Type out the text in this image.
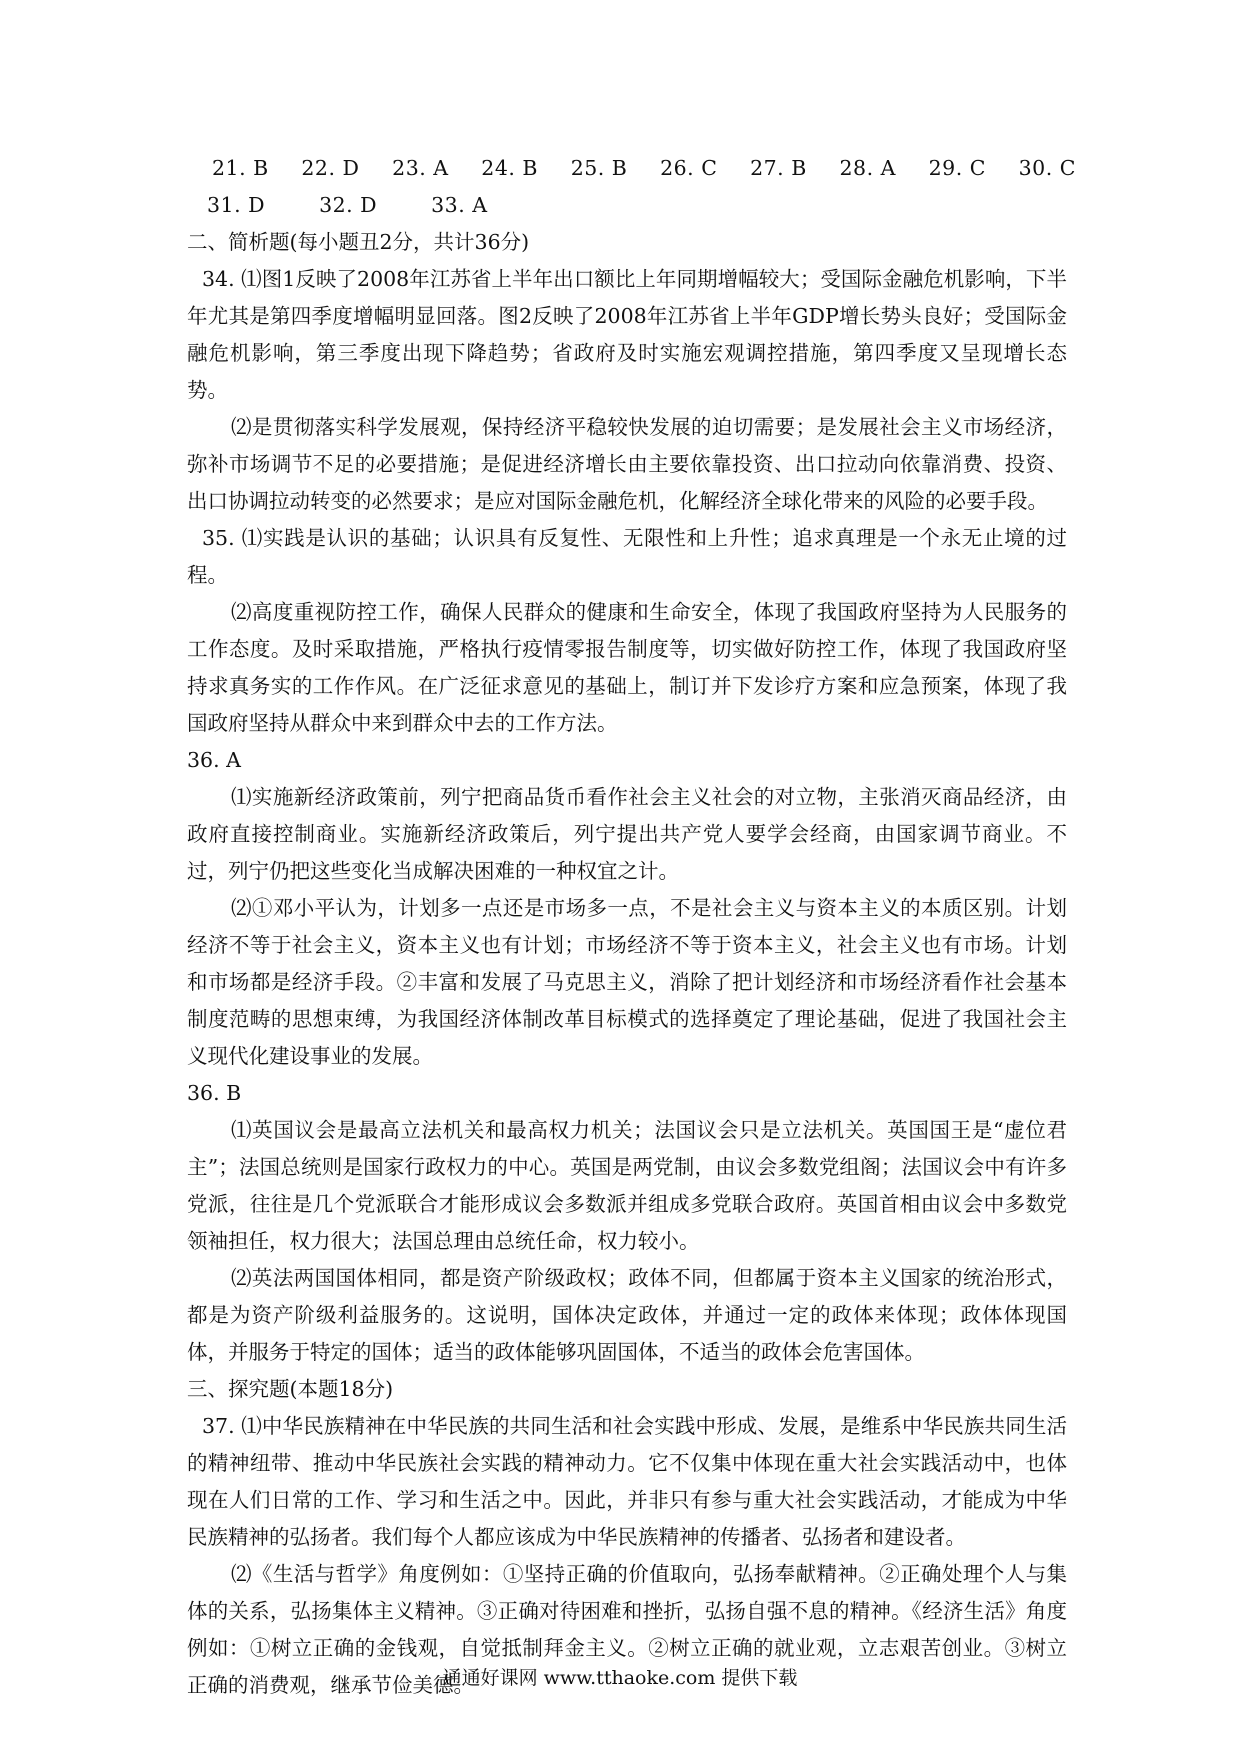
21. B 22. D 23. A 24. B 25. B 26. C 27. B 28. A 29. C 30. C
31. D	32. D	33. A

二、简析题(每小题丑2分，共计36分)

34. ⑴图1反映了2008年江苏省上半年出口额比上年同期增幅较大；受国际金融危机影响，下半年尤其是第四季度增幅明显回落。图2反映了2008年江苏省上半年GDP增长势头良好；受国际金融危机影响，第三季度出现下降趋势；省政府及时实施宏观调控措施，第四季度又呈现增长态势。

⑵是贯彻落实科学发展观，保持经济平稳较快发展的迫切需要；是发展社会主义市场经济，弥补市场调节不足的必要措施；是促进经济增长由主要依靠投资、出口拉动向依靠消费、投资、出口协调拉动转变的必然要求；是应对国际金融危机，化解经济全球化带来的风险的必要手段。

35. ⑴实践是认识的基础；认识具有反复性、无限性和上升性；追求真理是一个永无止境的过程。

⑵高度重视防控工作，确保人民群众的健康和生命安全，体现了我国政府坚持为人民服务的工作态度。及时采取措施，严格执行疫情零报告制度等，切实做好防控工作，体现了我国政府坚持求真务实的工作作风。在广泛征求意见的基础上，制订并下发诊疗方案和应急预案，体现了我国政府坚持从群众中来到群众中去的工作方法。

36. A

⑴实施新经济政策前，列宁把商品货币看作社会主义社会的对立物，主张消灭商品经济，由政府直接控制商业。实施新经济政策后，列宁提出共产党人要学会经商，由国家调节商业。不过，列宁仍把这些变化当成解决困难的一种权宜之计。

⑵①邓小平认为，计划多一点还是市场多一点，不是社会主义与资本主义的本质区别。计划经济不等于社会主义，资本主义也有计划；市场经济不等于资本主义，社会主义也有市场。计划和市场都是经济手段。②丰富和发展了马克思主义，消除了把计划经济和市场经济看作社会基本制度范畴的思想束缚，为我国经济体制改革目标模式的选择奠定了理论基础，促进了我国社会主义现代化建设事业的发展。

36. B

⑴英国议会是最高立法机关和最高权力机关；法国议会只是立法机关。英国国王是“虚位君主”；法国总统则是国家行政权力的中心。英国是两党制，由议会多数党组阁；法国议会中有许多党派，往往是几个党派联合才能形成议会多数派并组成多党联合政府。英国首相由议会中多数党领袖担任，权力很大；法国总理由总统任命，权力较小。

⑵英法两国国体相同，都是资产阶级政权；政体不同，但都属于资本主义国家的统治形式，都是为资产阶级利益服务的。这说明，国体决定政体，并通过一定的政体来体现；政体体现国体，并服务于特定的国体；适当的政体能够巩固国体，不适当的政体会危害国体。

三、探究题(本题18分)

37. ⑴中华民族精神在中华民族的共同生活和社会实践中形成、发展，是维系中华民族共同生活的精神纽带、推动中华民族社会实践的精神动力。它不仅集中体现在重大社会实践活动中，也体现在人们日常的工作、学习和生活之中。因此，并非只有参与重大社会实践活动，才能成为中华民族精神的弘扬者。我们每个人都应该成为中华民族精神的传播者、弘扬者和建设者。

⑵《生活与哲学》角度例如：①坚持正确的价值取向，弘扬奉献精神。②正确处理个人与集体的关系，弘扬集体主义精神。③正确对待困难和挫折，弘扬自强不息的精神。《经济生活》角度例如：①树立正确的金钱观，自觉抵制拜金主义。②树立正确的就业观，立志艰苦创业。③树立正确的消费观，继承节俭美德。

通通好课网 www.tthaoke.com 提供下载
